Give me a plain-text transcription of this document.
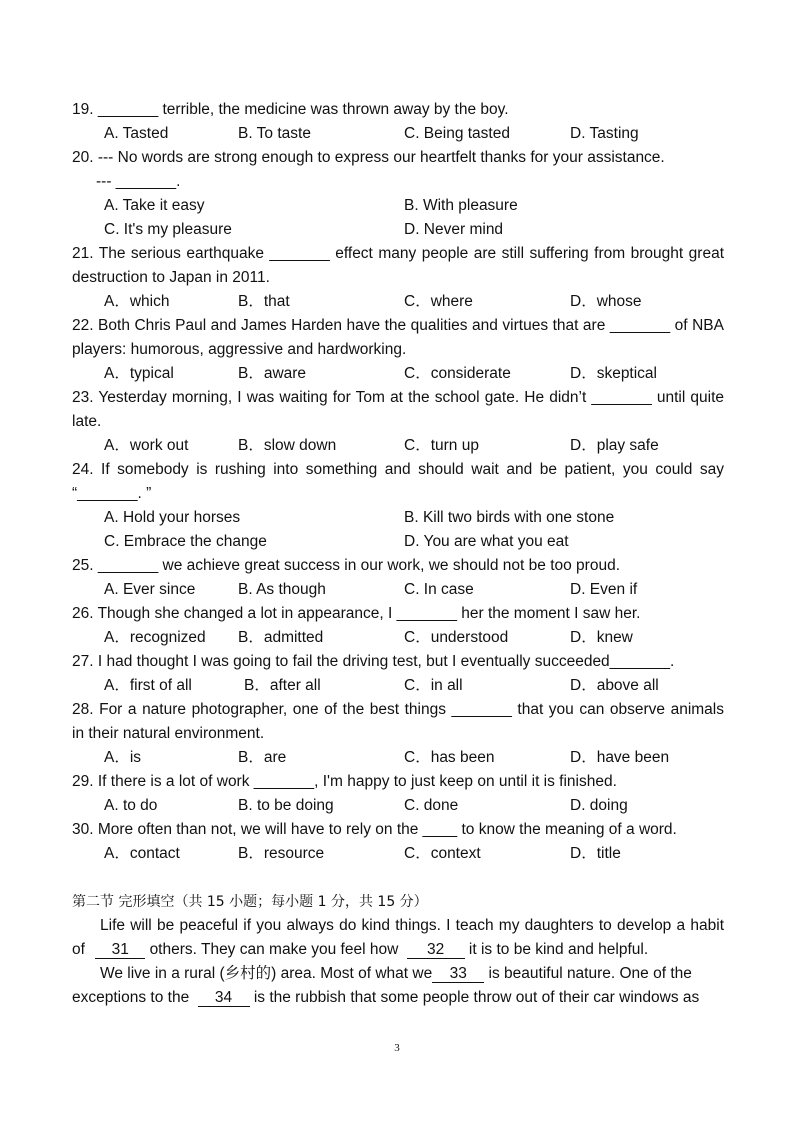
19. _______ terrible, the medicine was thrown away by the boy.
A. Tasted	B. To taste	C. Being tasted	D. Tasting
20. --- No words are strong enough to express our heartfelt thanks for your assistance.
--- _______.
A. Take it easy	B. With pleasure
C. It's my pleasure	D. Never mind
21. The serious earthquake _______ effect many people are still suffering from brought great
destruction to Japan in 2011.
A．which	B．that	C．where	D．whose
22. Both Chris Paul and James Harden have the qualities and virtues that are _______ of NBA
players: humorous, aggressive and hardworking.
A．typical	B．aware	C．considerate	D．skeptical
23. Yesterday morning, I was waiting for Tom at the school gate. He didn’t _______ until quite
late.
A．work out	B．slow down	C．turn up	D．play safe
24. If somebody is rushing into something and should wait and be patient, you could say
“_______. ”
A. Hold your horses	B. Kill two birds with one stone
C. Embrace the change	D. You are what you eat
25. _______ we achieve great success in our work, we should not be too proud.
A. Ever since	B. As though	C. In case	D. Even if
26. Though she changed a lot in appearance, I _______ her the moment I saw her.
A．recognized B．admitted	C．understood	D．knew
27. I had thought I was going to fail the driving test, but I eventually succeeded_______.
A．first of all	B．after all	C．in all	D．above all
28. For a nature photographer, one of the best things _______ that you can observe animals
in their natural environment.
A．is	B．are	C．has been	D．have been
29. If there is a lot of work _______, I'm happy to just keep on until it is finished.
A. to do	B. to be doing	C. done	D. doing
30. More often than not, we will have to rely on the ____ to know the meaning of a word.
A．contact	B．resource	C．context	D．title
第二节 完形填空（共 15 小题；每小题 1 分，共 15 分）
Life will be peaceful if you always do kind things. I teach my daughters to develop a habit
of 31 others. They can make you feel how 32 it is to be kind and helpful.
We live in a rural (乡村的) area. Most of what we 33 is beautiful nature. One of the
exceptions to the 34 is the rubbish that some people throw out of their car windows as
3
